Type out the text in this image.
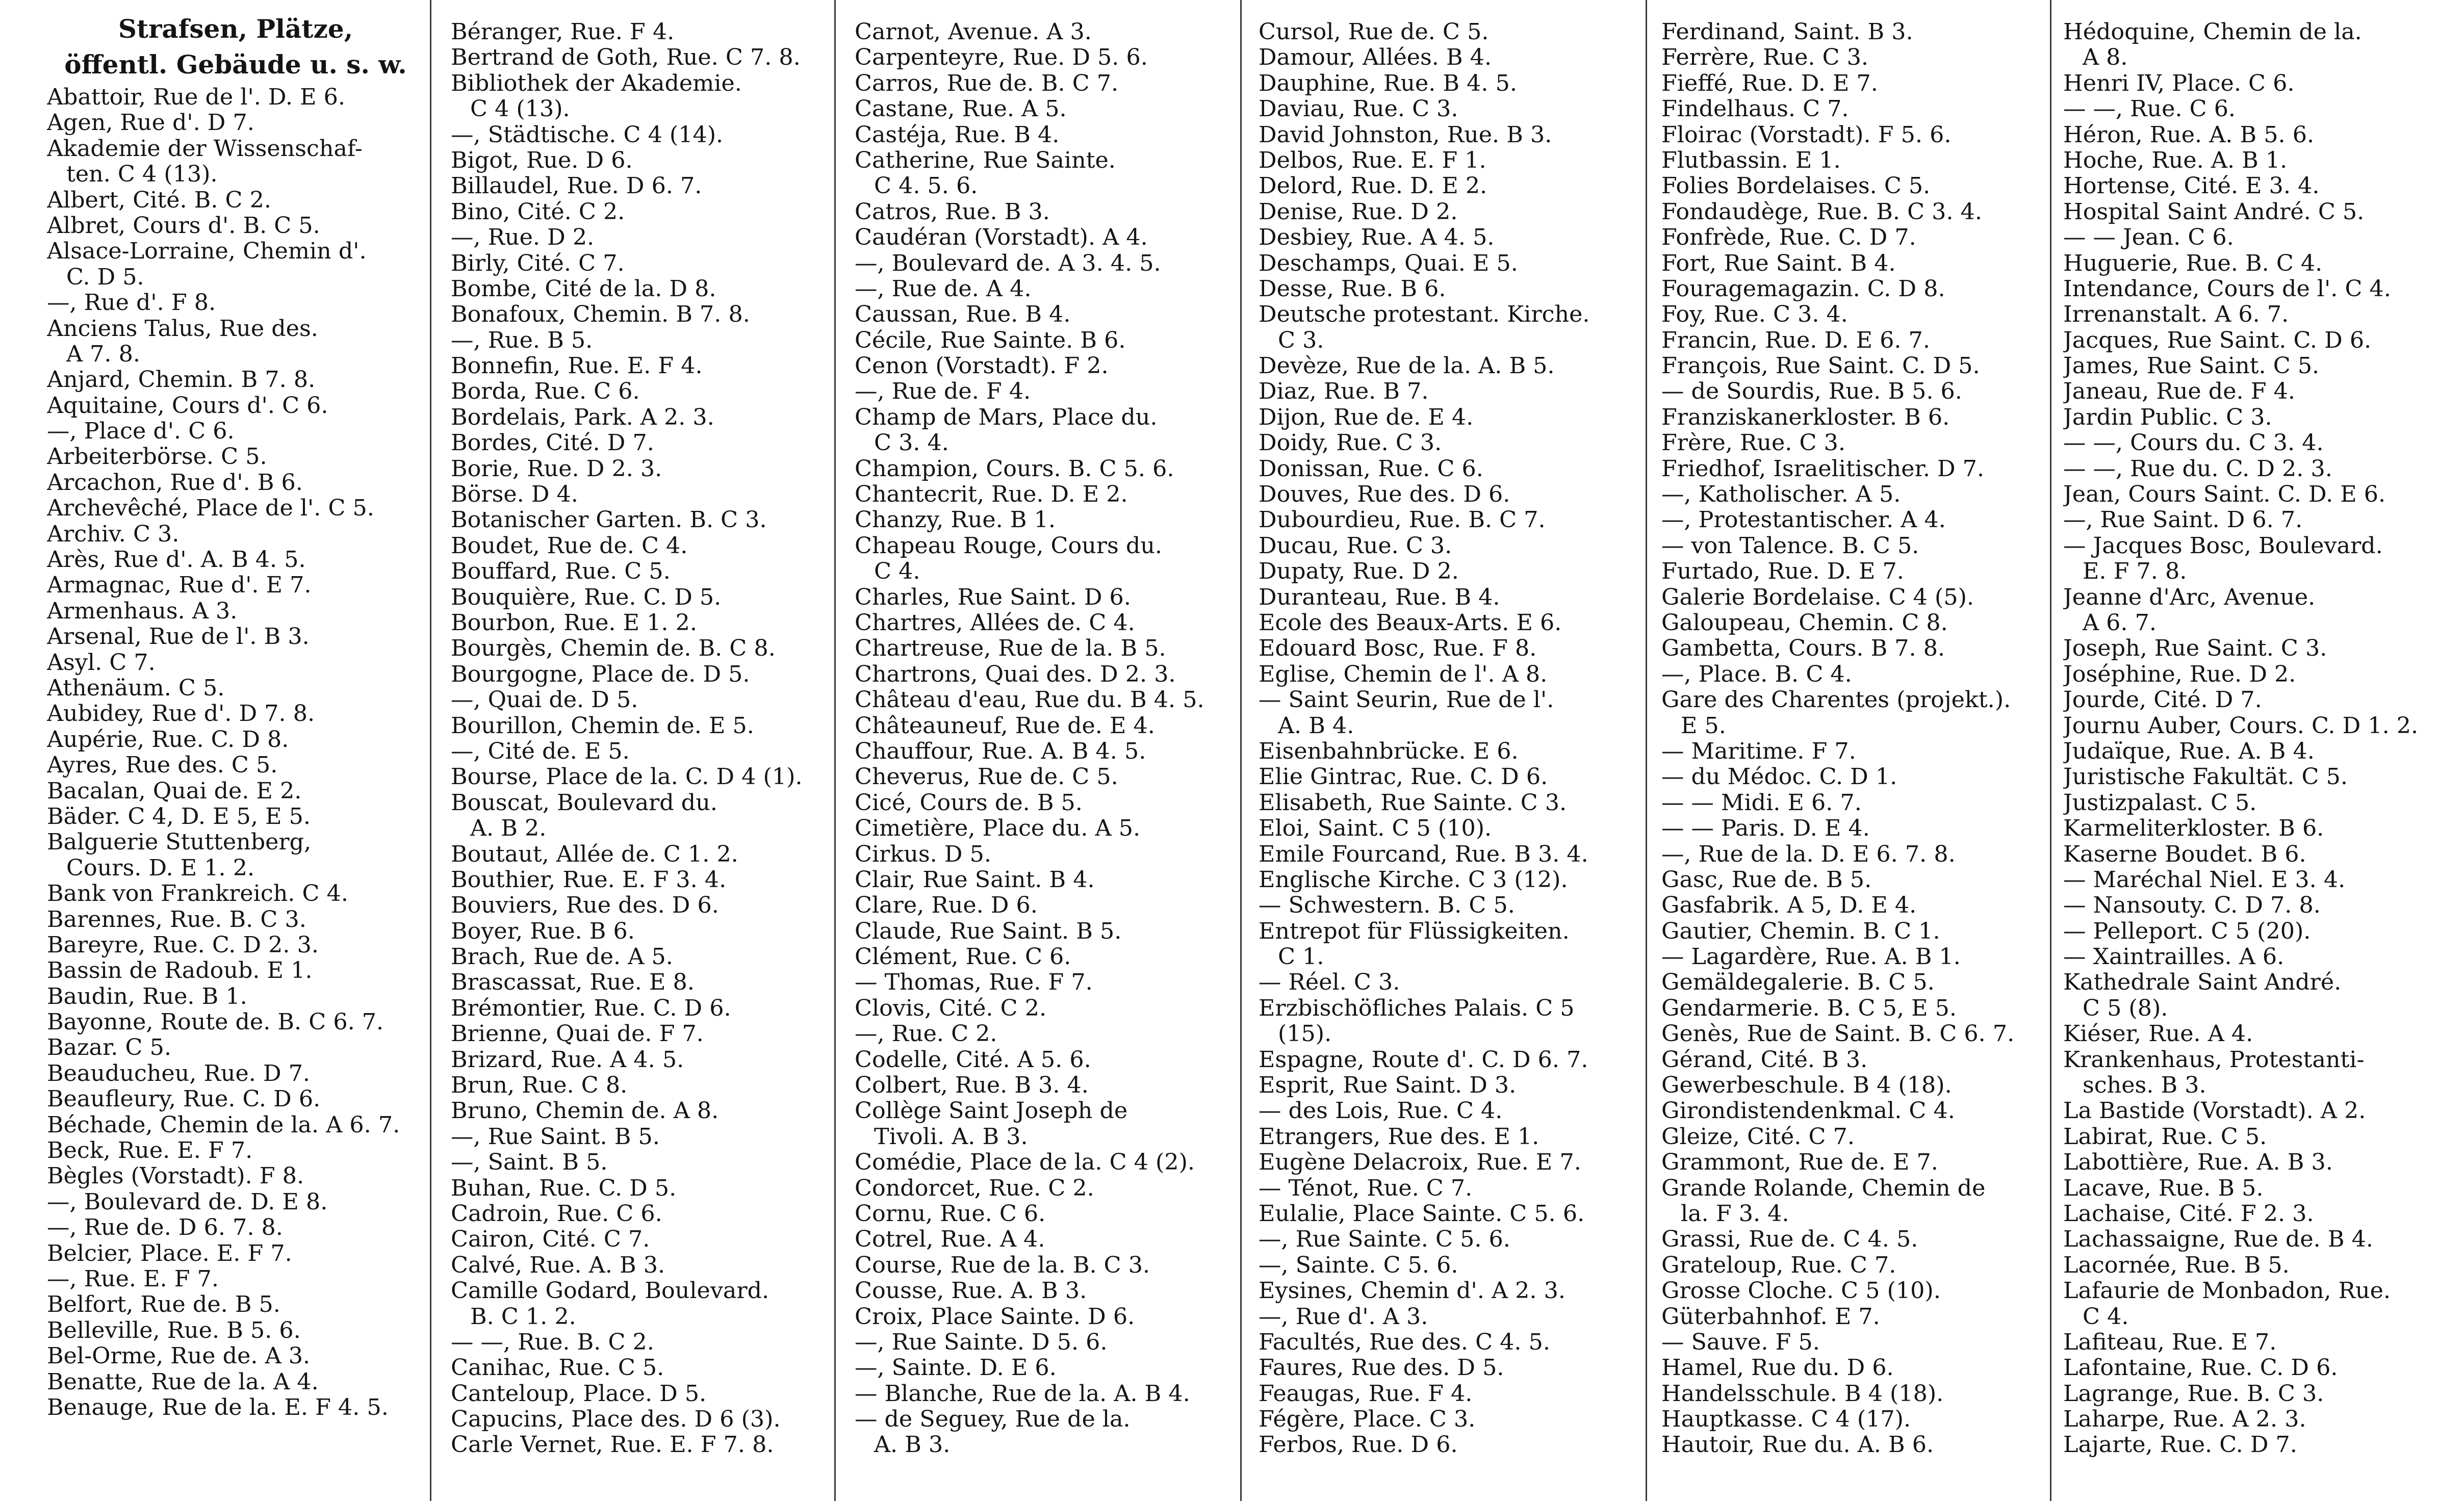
Strafsen, Plätze,
öffentl. Gebäude u. s. w.
Abattoir, Rue de l'. D. E 6.
Agen, Rue d'. D 7.
Akademie der Wissenschaf-
ten. C 4 (13).
Albert, Cité. B. C 2.
Albret, Cours d'. B. C 5.
Alsace-Lorraine, Chemin d'.
C. D 5.
—, Rue d'. F 8.
Anciens Talus, Rue des.
A 7. 8.
Anjard, Chemin. B 7. 8.
Aquitaine, Cours d'. C 6.
—, Place d'. C 6.
Arbeiterbörse. C 5.
Arcachon, Rue d'. B 6.
Archevêché, Place de l'. C 5.
Archiv. C 3.
Arès, Rue d'. A. B 4. 5.
Armagnac, Rue d'. E 7.
Armenhaus. A 3.
Arsenal, Rue de l'. B 3.
Asyl. C 7.
Athenäum. C 5.
Aubidey, Rue d'. D 7. 8.
Aupérie, Rue. C. D 8.
Ayres, Rue des. C 5.
Bacalan, Quai de. E 2.
Bäder. C 4, D. E 5, E 5.
Balguerie Stuttenberg,
Cours. D. E 1. 2.
Bank von Frankreich. C 4.
Barennes, Rue. B. C 3.
Bareyre, Rue. C. D 2. 3.
Bassin de Radoub. E 1.
Baudin, Rue. B 1.
Bayonne, Route de. B. C 6. 7.
Bazar. C 5.
Beauducheu, Rue. D 7.
Beaufleury, Rue. C. D 6.
Béchade, Chemin de la. A 6. 7.
Beck, Rue. E. F 7.
Bègles (Vorstadt). F 8.
—, Boulevard de. D. E 8.
—, Rue de. D 6. 7. 8.
Belcier, Place. E. F 7.
—, Rue. E. F 7.
Belfort, Rue de. B 5.
Belleville, Rue. B 5. 6.
Bel-Orme, Rue de. A 3.
Benatte, Rue de la. A 4.
Benauge, Rue de la. E. F 4. 5.
Béranger, Rue. F 4.
Bertrand de Goth, Rue. C 7. 8.
Bibliothek der Akademie.
C 4 (13).
—, Städtische. C 4 (14).
Bigot, Rue. D 6.
Billaudel, Rue. D 6. 7.
Bino, Cité. C 2.
—, Rue. D 2.
Birly, Cité. C 7.
Bombe, Cité de la. D 8.
Bonafoux, Chemin. B 7. 8.
—, Rue. B 5.
Bonnefin, Rue. E. F 4.
Borda, Rue. C 6.
Bordelais, Park. A 2. 3.
Bordes, Cité. D 7.
Borie, Rue. D 2. 3.
Börse. D 4.
Botanischer Garten. B. C 3.
Boudet, Rue de. C 4.
Bouffard, Rue. C 5.
Bouquière, Rue. C. D 5.
Bourbon, Rue. E 1. 2.
Bourgès, Chemin de. B. C 8.
Bourgogne, Place de. D 5.
—, Quai de. D 5.
Bourillon, Chemin de. E 5.
—, Cité de. E 5.
Bourse, Place de la. C. D 4 (1).
Bouscat, Boulevard du.
A. B 2.
Boutaut, Allée de. C 1. 2.
Bouthier, Rue. E. F 3. 4.
Bouviers, Rue des. D 6.
Boyer, Rue. B 6.
Brach, Rue de. A 5.
Brascassat, Rue. E 8.
Brémontier, Rue. C. D 6.
Brienne, Quai de. F 7.
Brizard, Rue. A 4. 5.
Brun, Rue. C 8.
Bruno, Chemin de. A 8.
—, Rue Saint. B 5.
—, Saint. B 5.
Buhan, Rue. C. D 5.
Cadroin, Rue. C 6.
Cairon, Cité. C 7.
Calvé, Rue. A. B 3.
Camille Godard, Boulevard.
B. C 1. 2.
— —, Rue. B. C 2.
Canihac, Rue. C 5.
Canteloup, Place. D 5.
Capucins, Place des. D 6 (3).
Carle Vernet, Rue. E. F 7. 8.
Carnot, Avenue. A 3.
Carpenteyre, Rue. D 5. 6.
Carros, Rue de. B. C 7.
Castane, Rue. A 5.
Castéja, Rue. B 4.
Catherine, Rue Sainte.
C 4. 5. 6.
Catros, Rue. B 3.
Caudéran (Vorstadt). A 4.
—, Boulevard de. A 3. 4. 5.
—, Rue de. A 4.
Caussan, Rue. B 4.
Cécile, Rue Sainte. B 6.
Cenon (Vorstadt). F 2.
—, Rue de. F 4.
Champ de Mars, Place du.
C 3. 4.
Champion, Cours. B. C 5. 6.
Chantecrit, Rue. D. E 2.
Chanzy, Rue. B 1.
Chapeau Rouge, Cours du.
C 4.
Charles, Rue Saint. D 6.
Chartres, Allées de. C 4.
Chartreuse, Rue de la. B 5.
Chartrons, Quai des. D 2. 3.
Château d'eau, Rue du. B 4. 5.
Châteauneuf, Rue de. E 4.
Chauffour, Rue. A. B 4. 5.
Cheverus, Rue de. C 5.
Cicé, Cours de. B 5.
Cimetière, Place du. A 5.
Cirkus. D 5.
Clair, Rue Saint. B 4.
Clare, Rue. D 6.
Claude, Rue Saint. B 5.
Clément, Rue. C 6.
— Thomas, Rue. F 7.
Clovis, Cité. C 2.
—, Rue. C 2.
Codelle, Cité. A 5. 6.
Colbert, Rue. B 3. 4.
Collège Saint Joseph de
Tivoli. A. B 3.
Comédie, Place de la. C 4 (2).
Condorcet, Rue. C 2.
Cornu, Rue. C 6.
Cotrel, Rue. A 4.
Course, Rue de la. B. C 3.
Cousse, Rue. A. B 3.
Croix, Place Sainte. D 6.
—, Rue Sainte. D 5. 6.
—, Sainte. D. E 6.
— Blanche, Rue de la. A. B 4.
— de Seguey, Rue de la.
A. B 3.
Cursol, Rue de. C 5.
Damour, Allées. B 4.
Dauphine, Rue. B 4. 5.
Daviau, Rue. C 3.
David Johnston, Rue. B 3.
Delbos, Rue. E. F 1.
Delord, Rue. D. E 2.
Denise, Rue. D 2.
Desbiey, Rue. A 4. 5.
Deschamps, Quai. E 5.
Desse, Rue. B 6.
Deutsche protestant. Kirche.
C 3.
Devèze, Rue de la. A. B 5.
Diaz, Rue. B 7.
Dijon, Rue de. E 4.
Doidy, Rue. C 3.
Donissan, Rue. C 6.
Douves, Rue des. D 6.
Dubourdieu, Rue. B. C 7.
Ducau, Rue. C 3.
Dupaty, Rue. D 2.
Duranteau, Rue. B 4.
Ecole des Beaux-Arts. E 6.
Edouard Bosc, Rue. F 8.
Eglise, Chemin de l'. A 8.
— Saint Seurin, Rue de l'.
A. B 4.
Eisenbahnbrücke. E 6.
Elie Gintrac, Rue. C. D 6.
Elisabeth, Rue Sainte. C 3.
Eloi, Saint. C 5 (10).
Emile Fourcand, Rue. B 3. 4.
Englische Kirche. C 3 (12).
— Schwestern. B. C 5.
Entrepot für Flüssigkeiten.
C 1.
— Réel. C 3.
Erzbischöfliches Palais. C 5
(15).
Espagne, Route d'. C. D 6. 7.
Esprit, Rue Saint. D 3.
— des Lois, Rue. C 4.
Etrangers, Rue des. E 1.
Eugène Delacroix, Rue. E 7.
— Ténot, Rue. C 7.
Eulalie, Place Sainte. C 5. 6.
—, Rue Sainte. C 5. 6.
—, Sainte. C 5. 6.
Eysines, Chemin d'. A 2. 3.
—, Rue d'. A 3.
Facultés, Rue des. C 4. 5.
Faures, Rue des. D 5.
Feaugas, Rue. F 4.
Fégère, Place. C 3.
Ferbos, Rue. D 6.
Ferdinand, Saint. B 3.
Ferrère, Rue. C 3.
Fieffé, Rue. D. E 7.
Findelhaus. C 7.
Floirac (Vorstadt). F 5. 6.
Flutbassin. E 1.
Folies Bordelaises. C 5.
Fondaudège, Rue. B. C 3. 4.
Fonfrède, Rue. C. D 7.
Fort, Rue Saint. B 4.
Fouragemagazin. C. D 8.
Foy, Rue. C 3. 4.
Francin, Rue. D. E 6. 7.
François, Rue Saint. C. D 5.
— de Sourdis, Rue. B 5. 6.
Franziskanerkloster. B 6.
Frère, Rue. C 3.
Friedhof, Israelitischer. D 7.
—, Katholischer. A 5.
—, Protestantischer. A 4.
— von Talence. B. C 5.
Furtado, Rue. D. E 7.
Galerie Bordelaise. C 4 (5).
Galoupeau, Chemin. C 8.
Gambetta, Cours. B 7. 8.
—, Place. B. C 4.
Gare des Charentes (projekt.).
E 5.
— Maritime. F 7.
— du Médoc. C. D 1.
— — Midi. E 6. 7.
— — Paris. D. E 4.
—, Rue de la. D. E 6. 7. 8.
Gasc, Rue de. B 5.
Gasfabrik. A 5, D. E 4.
Gautier, Chemin. B. C 1.
— Lagardère, Rue. A. B 1.
Gemäldegalerie. B. C 5.
Gendarmerie. B. C 5, E 5.
Genès, Rue de Saint. B. C 6. 7.
Gérand, Cité. B 3.
Gewerbeschule. B 4 (18).
Girondistendenkmal. C 4.
Gleize, Cité. C 7.
Grammont, Rue de. E 7.
Grande Rolande, Chemin de
la. F 3. 4.
Grassi, Rue de. C 4. 5.
Grateloup, Rue. C 7.
Grosse Cloche. C 5 (10).
Güterbahnhof. E 7.
— Sauve. F 5.
Hamel, Rue du. D 6.
Handelsschule. B 4 (18).
Hauptkasse. C 4 (17).
Hautoir, Rue du. A. B 6.
Hédoquine, Chemin de la.
A 8.
Henri IV, Place. C 6.
— —, Rue. C 6.
Héron, Rue. A. B 5. 6.
Hoche, Rue. A. B 1.
Hortense, Cité. E 3. 4.
Hospital Saint André. C 5.
— — Jean. C 6.
Huguerie, Rue. B. C 4.
Intendance, Cours de l'. C 4.
Irrenanstalt. A 6. 7.
Jacques, Rue Saint. C. D 6.
James, Rue Saint. C 5.
Janeau, Rue de. F 4.
Jardin Public. C 3.
— —, Cours du. C 3. 4.
— —, Rue du. C. D 2. 3.
Jean, Cours Saint. C. D. E 6.
—, Rue Saint. D 6. 7.
— Jacques Bosc, Boulevard.
E. F 7. 8.
Jeanne d'Arc, Avenue.
A 6. 7.
Joseph, Rue Saint. C 3.
Joséphine, Rue. D 2.
Jourde, Cité. D 7.
Journu Auber, Cours. C. D 1. 2.
Judaïque, Rue. A. B 4.
Juristische Fakultät. C 5.
Justizpalast. C 5.
Karmeliterkloster. B 6.
Kaserne Boudet. B 6.
— Maréchal Niel. E 3. 4.
— Nansouty. C. D 7. 8.
— Pelleport. C 5 (20).
— Xaintrailles. A 6.
Kathedrale Saint André.
C 5 (8).
Kiéser, Rue. A 4.
Krankenhaus, Protestanti-
sches. B 3.
La Bastide (Vorstadt). A 2.
Labirat, Rue. C 5.
Labottière, Rue. A. B 3.
Lacave, Rue. B 5.
Lachaise, Cité. F 2. 3.
Lachassaigne, Rue de. B 4.
Lacornée, Rue. B 5.
Lafaurie de Monbadon, Rue.
C 4.
Lafiteau, Rue. E 7.
Lafontaine, Rue. C. D 6.
Lagrange, Rue. B. C 3.
Laharpe, Rue. A 2. 3.
Lajarte, Rue. C. D 7.
